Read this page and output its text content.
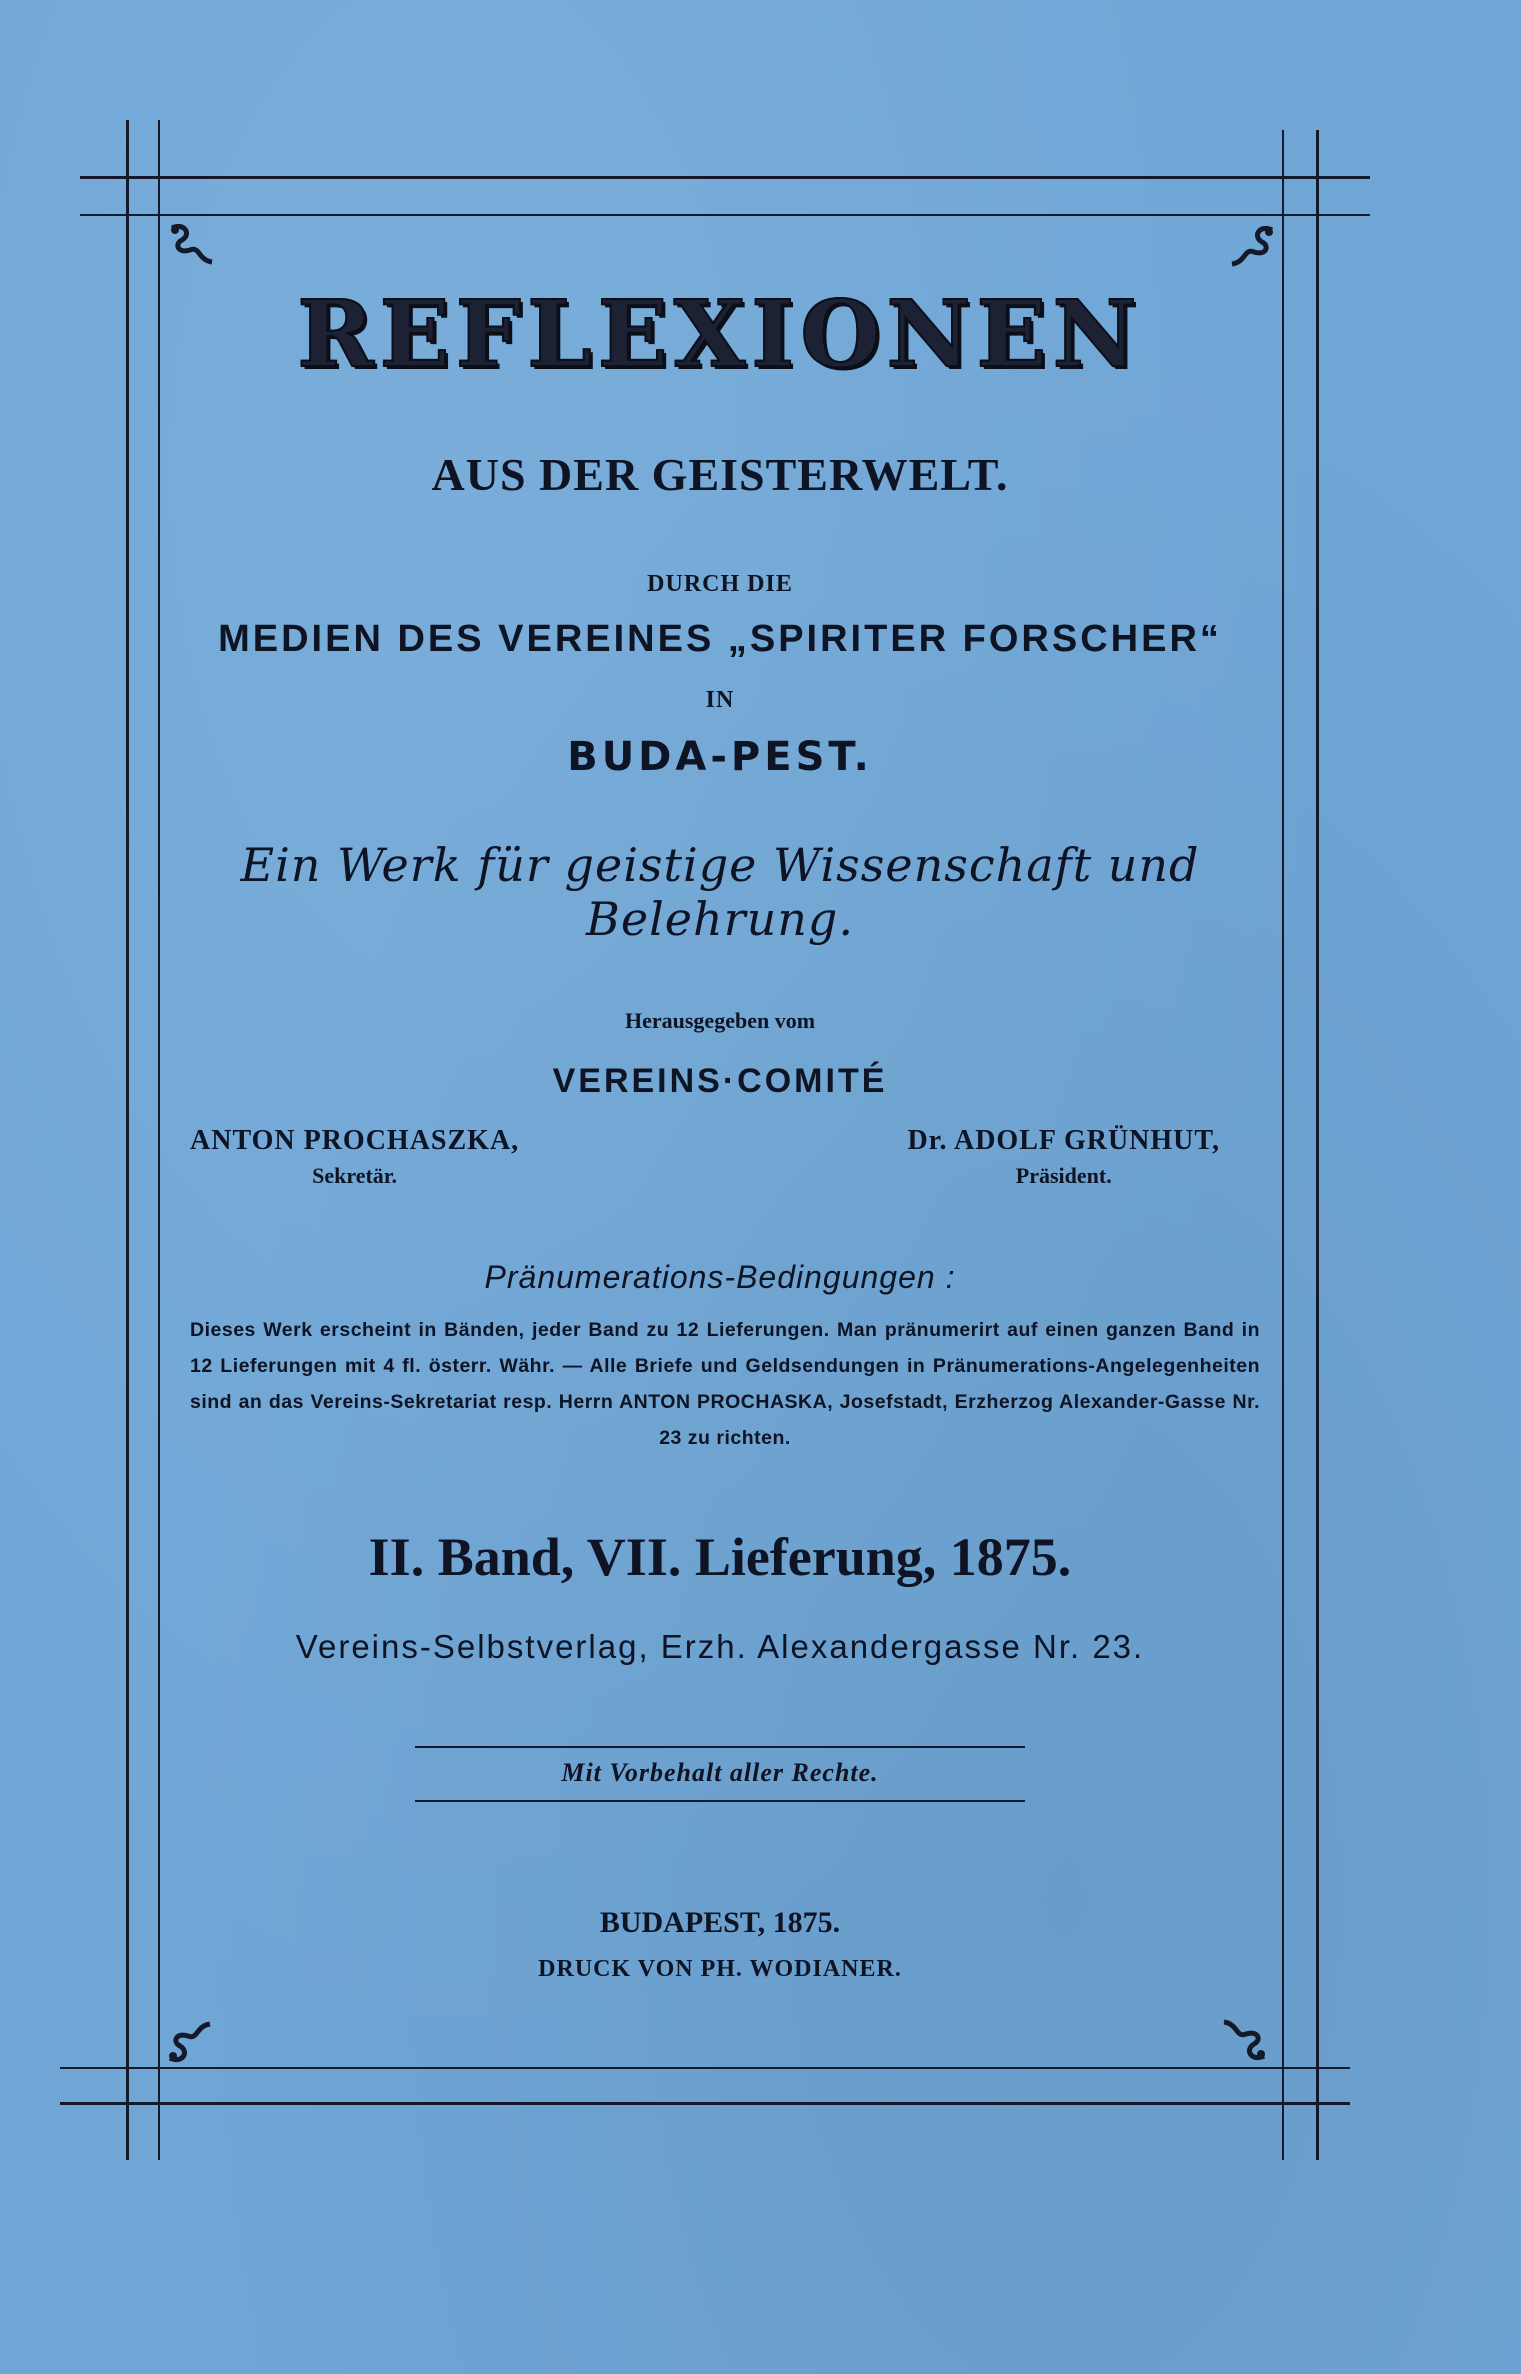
REFLEXIONEN
AUS DER GEISTERWELT.
DURCH DIE
MEDIEN DES VEREINES „SPIRITER FORSCHER“
IN
BUDA-PEST.
Ein Werk für geistige Wissenschaft und Belehrung.
Herausgegeben vom
VEREINS·COMITÉ
ANTON PROCHASZKA,
Sekretär.
Dr. ADOLF GRÜNHUT,
Präsident.
Pränumerations-Bedingungen :
Dieses Werk erscheint in Bänden, jeder Band zu 12 Lieferungen. Man pränumerirt auf einen ganzen Band in 12 Lieferungen mit 4 fl. österr. Währ. — Alle Briefe und Geldsendungen in Pränumerations-Angelegenheiten sind an das Vereins-Sekretariat resp. Herrn ANTON PROCHASKA, Josefstadt, Erzherzog Alexander-Gasse Nr. 23 zu richten.
II. Band, VII. Lieferung, 1875.
Vereins-Selbstverlag, Erzh. Alexandergasse Nr. 23.
Mit Vorbehalt aller Rechte.
BUDAPEST, 1875.
DRUCK VON PH. WODIANER.
